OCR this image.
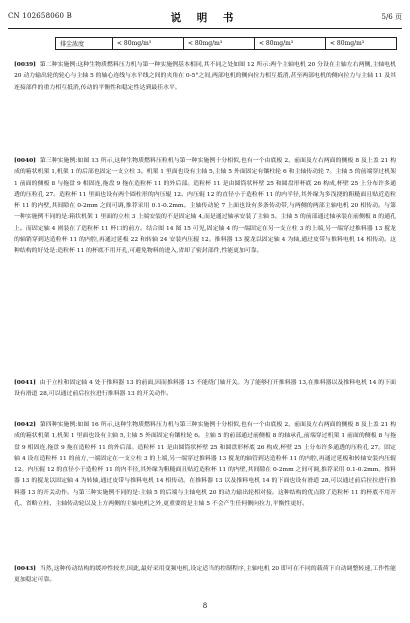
CN 102658060 B	说 明 书	5/6 页
排尘浓度	< 80mg/m³	< 80mg/m³	< 80mg/m³	< 80mg/m³

[0039] 第二种实施例:这种生物质燃料压力机与第一种实施例基本相同,其不同之处如图 12 所示:两个主轴电机 20 分设在主轴左右两侧,主轴电机 20 动力输出轮的轮心与主轴 5 的轴心连线与水平线之间的夹角在 0-5°之间,两部电机的侧向拉力相互抵消,甚至两部电机的侧向拉力与主轴 11 及其连接部件的重力相互抵消,传动的平衡性和稳定性达到最佳水平。

[0040] 第三种实施例:如图 13 所示,这种生物质燃料压粒机与第一种实施例十分相似,也有一个由底板 2、前面及左右两面的侧板 8 及上盖 21 构成的箱状机架 1,机架 1 的后部也固定一支立柱 3。机架 1 里面也设有主轴 5,主轴 5 外面固定有镶柱轮 6 和主轴传动轮 7。主轴 5 的前端穿过机架 1 前面的侧板 8 与拖盘 9 相固连,拖盘 9 拖在造粒杯 11 的外后部。造粒杯 11 是由圆筒状杯壁 25 和圆盘形杯底 26 构成,杯壁 25 上分布许多通透的压粒孔 27。造粒杯 11 里面也设有两个圆柱形的内压辊 12。内压辊 12 的直径小于造粒杯 11 的内半径,其外缘为多浅挠的粗糙面且贴近造粒杯 11 的内壁,其间隙在 0-2mm 之间可调,推荐采用 0.1-0.2mm。主轴传动轮 7 上面也设有多条传动带,与两侧的两部主轴电机 20 相传动。与第一种实施例不同的是:箱状机架 1 里面的立柱 3 上端安装的不是固定轴 4,而是通过轴承安装了主轴 5。主轴 5 的前部通过轴承装在前侧板 8 的通孔上。而固定轴 4 则装在了造粒杯 11 杯口的前方。结合图 14 图 15 可见,固定轴 4 的一端固定在另一支立柱 3 的上端,另一端穿过推料器 13 搅龙的轴销穿到达造粒杯 11 的内腔,再通过延板 22 和转轴 24 安装内压辊 12。推料器 13 搅龙以固定轴 4 为轴,通过皮带与推料电机 14 相传动。这种结构的好处是:造粒杯 11 的杯底不用开孔,可避免物料的进入,省却了密封部件,性能更加可靠。

[0041] 由于立柱和固定轴 4 处于推料器 13 的前面,因而推料器 13 不能绕门轴开关。为了能够打开推料器 13,在推料器以及推料电机 14 的下面设有滑道 28,可以通过前后拉拉进行推料器 13 的开关动作。

[0042] 第四种实施例:如图 16 所示,这种生物质燃料压力机与第三种实施例十分相似,也有一个由底板 2、前面及左右两面的侧板 8 及上盖 21 构成的箱状机架 1,机架 1 里面也设有主轴 5,主轴 5 外面固定有镶柱轮 6。主轴 5 的前部通过前侧板 8 的轴承孔,前端穿过机架 1 前面的侧板 8 与拖盘 9 相固连,拖盘 9 拖在造粒杯 11 的外后部。造粒杯 11 是由圆筒状杯壁 25 和圆盘形杯底 26 构成,杯壁 25 上分布许多通透的压粒孔 27。固定轴 4 设在造粒杯 11 的前方,一端固定在一支立柱 3 的上端,另一端穿过推料器 13 搅龙的轴管到达造粒杯 11 的内腔,再通过延板和转轴安装内压辊 12。内压辊 12 的直径小于造粒杯 11 的内半径,其外缘为粗糙面且贴近造粒杯 11 的内壁,其间隙在 0-2mm 之间可调,推荐采用 0.1-0.2mm。推料器 13 的搅龙以固定轴 4 为转轴,通过皮带与推料电机 14 相传动。在推料器 13 以及推料电机 14 的下面也设有滑道 28,可以通过前后拉拉进行推料器 13 的开关动作。与第三种实施例不同的是:主轴 5 的后端与主轴电机 20 的动力输出轮相对接。这种结构的优点除了造粒杯 11 的杯底不用开孔、省略立柱、主轴传动轮以及上方两侧的主轴电机之外,更重要的是主轴 5 不会产生任何侧向拉力,平衡性更好。

[0043] 当然,这种传动结构的缓冲性较差,因此,最好采用变频电机,设定适当的控制程序,主轴电机 20 即可在不同的载荷下自动调整转速,工作性能更加稳定可靠。

8
